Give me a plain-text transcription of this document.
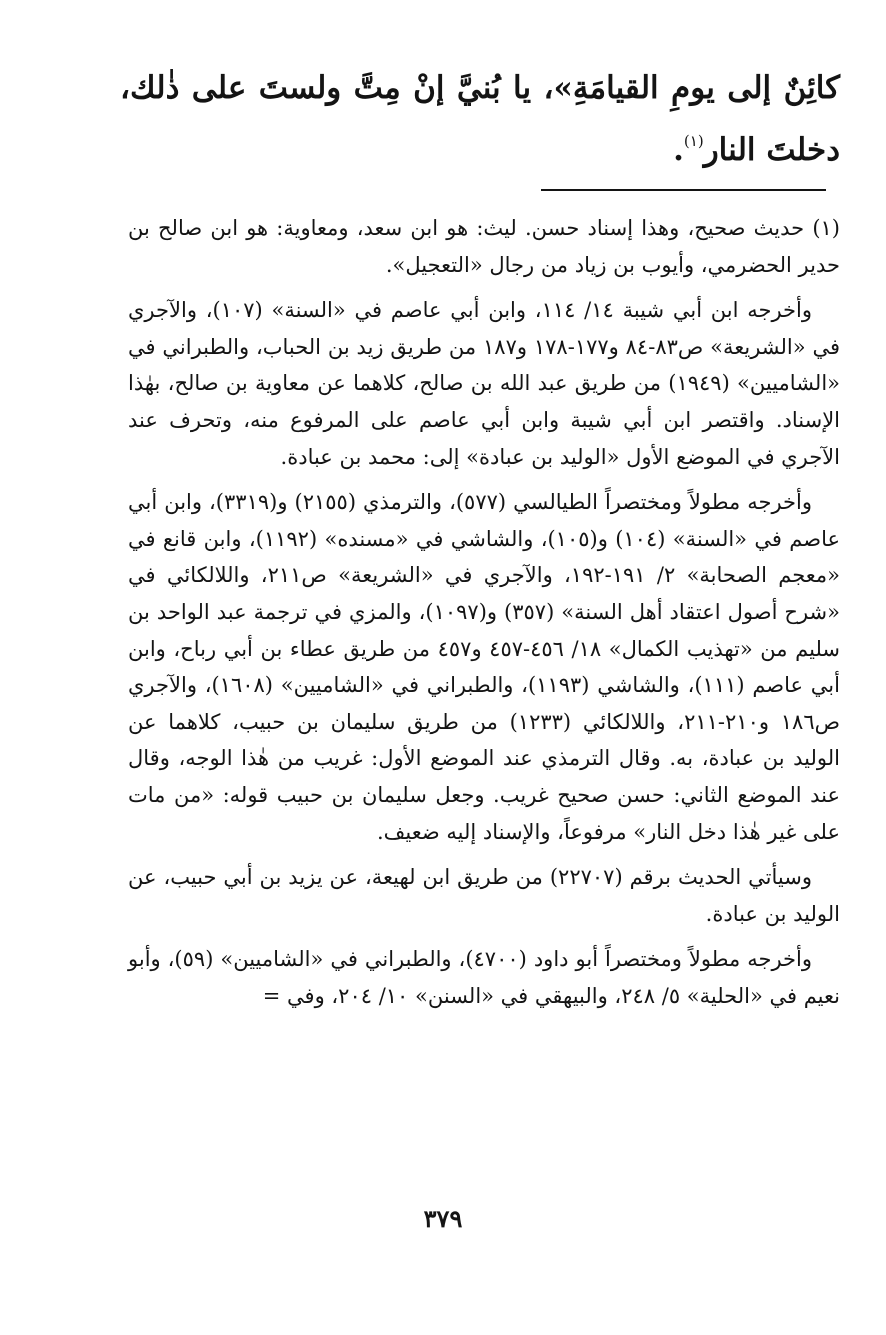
كائِنٌ إلى يومِ القيامَةِ»، يا بُنيَّ إنْ مِتَّ ولستَ على ذٰلك، دخلتَ النار$^{(١)}$.

(١) حديث صحيح، وهذا إسناد حسن. ليث: هو ابن سعد، ومعاوية: هو ابن صالح بن حدير الحضرمي، وأيوب بن زياد من رجال «التعجيل».

وأخرجه ابن أبي شيبة ١٤/ ١١٤، وابن أبي عاصم في «السنة» (١٠٧)، والآجري في «الشريعة» ص٨٣-٨٤ و١٧٧-١٧٨ و١٨٧ من طريق زيد بن الحباب، والطبراني في «الشاميين» (١٩٤٩) من طريق عبد الله بن صالح، كلاهما عن معاوية بن صالح، بهٰذا الإسناد. واقتصر ابن أبي شيبة وابن أبي عاصم على المرفوع منه، وتحرف عند الآجري في الموضع الأول «الوليد بن عبادة» إلى: محمد بن عبادة.

وأخرجه مطولاً ومختصراً الطيالسي (٥٧٧)، والترمذي (٢١٥٥) و(٣٣١٩)، وابن أبي عاصم في «السنة» (١٠٤) و(١٠٥)، والشاشي في «مسنده» (١١٩٢)، وابن قانع في «معجم الصحابة» ٢/ ١٩١-١٩٢، والآجري في «الشريعة» ص٢١١، واللالكائي في «شرح أصول اعتقاد أهل السنة» (٣٥٧) و(١٠٩٧)، والمزي في ترجمة عبد الواحد بن سليم من «تهذيب الكمال» ١٨/ ٤٥٦-٤٥٧ و٤٥٧ من طريق عطاء بن أبي رباح، وابن أبي عاصم (١١١)، والشاشي (١١٩٣)، والطبراني في «الشاميين» (١٦٠٨)، والآجري ص١٨٦ و٢١٠-٢١١، واللالكائي (١٢٣٣) من طريق سليمان بن حبيب، كلاهما عن الوليد بن عبادة، به. وقال الترمذي عند الموضع الأول: غريب من هٰذا الوجه، وقال عند الموضع الثاني: حسن صحيح غريب. وجعل سليمان بن حبيب قوله: «من مات على غير هٰذا دخل النار» مرفوعاً، والإسناد إليه ضعيف.

وسيأتي الحديث برقم (٢٢٧٠٧) من طريق ابن لهيعة، عن يزيد بن أبي حبيب، عن الوليد بن عبادة.

وأخرجه مطولاً ومختصراً أبو داود (٤٧٠٠)، والطبراني في «الشاميين» (٥٩)، وأبو نعيم في «الحلية» ٥/ ٢٤٨، والبيهقي في «السنن» ١٠/ ٢٠٤، وفي =

٣٧٩
